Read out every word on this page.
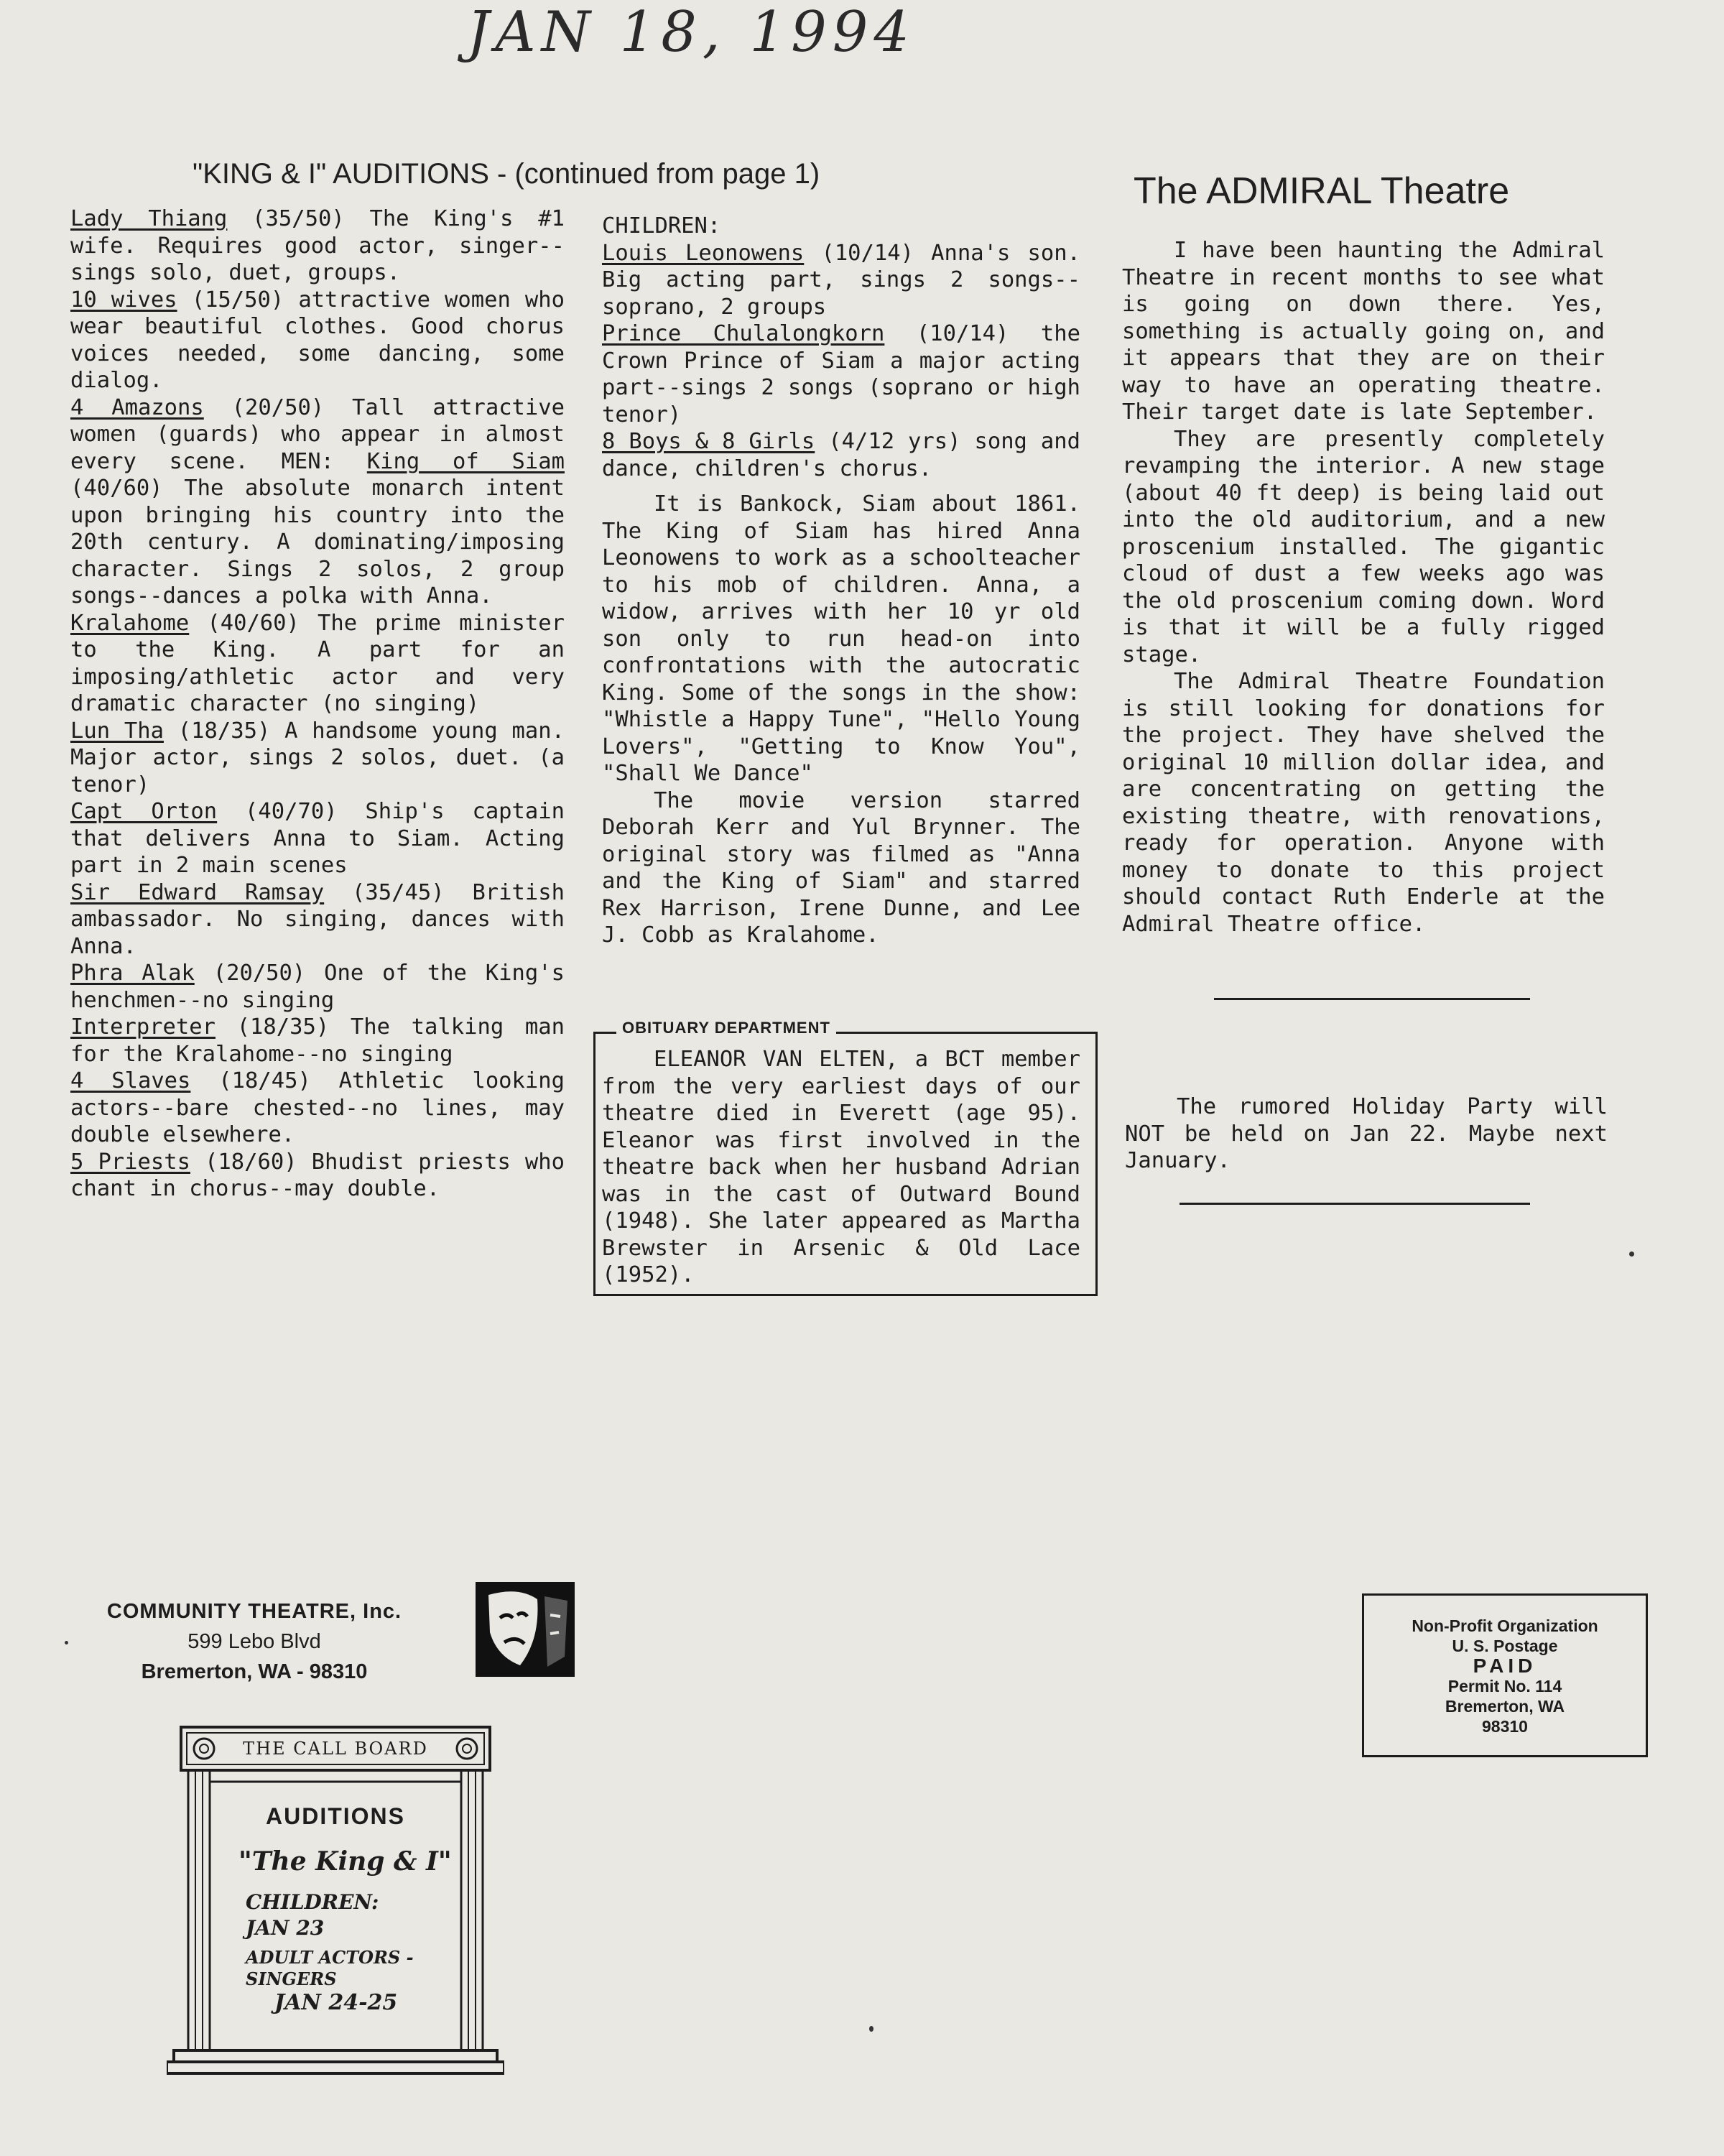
JAN 18, 1994
"KING & I" AUDITIONS - (continued from page 1)

Lady Thiang (35/50) The King's #1 wife. Requires good actor, singer--sings solo, duet, groups.

10 wives (15/50) attractive women who wear beautiful clothes. Good chorus voices needed, some dancing, some dialog.

4 Amazons (20/50) Tall attractive women (guards) who appear in almost every scene. MEN: King of Siam (40/60) The absolute monarch intent upon bringing his country into the 20th century. A dominating/imposing character. Sings 2 solos, 2 group songs--dances a polka with Anna.

Kralahome (40/60) The prime minister to the King. A part for an imposing/athletic actor and very dramatic character (no singing)

Lun Tha (18/35) A handsome young man. Major actor, sings 2 solos, duet. (a tenor)

Capt Orton (40/70) Ship's captain that delivers Anna to Siam. Acting part in 2 main scenes

Sir Edward Ramsay (35/45) British ambassador. No singing, dances with Anna.

Phra Alak (20/50) One of the King's henchmen--no singing

Interpreter (18/35) The talking man for the Kralahome--no singing

4 Slaves (18/45) Athletic looking actors--bare chested--no lines, may double elsewhere.

5 Priests (18/60) Bhudist priests who chant in chorus--may double.

CHILDREN:

Louis Leonowens (10/14) Anna's son. Big acting part, sings 2 songs--soprano, 2 groups

Prince Chulalongkorn (10/14) the Crown Prince of Siam a major acting part--sings 2 songs (soprano or high tenor)

8 Boys & 8 Girls (4/12 yrs) song and dance, children's chorus.

It is Bankock, Siam about 1861. The King of Siam has hired Anna Leonowens to work as a schoolteacher to his mob of children. Anna, a widow, arrives with her 10 yr old son only to run head-on into confrontations with the autocratic King. Some of the songs in the show: "Whistle a Happy Tune", "Hello Young Lovers", "Getting to Know You", "Shall We Dance"

The movie version starred Deborah Kerr and Yul Brynner. The original story was filmed as "Anna and the King of Siam" and starred Rex Harrison, Irene Dunne, and Lee J. Cobb as Kralahome.

OBITUARY DEPARTMENT

ELEANOR VAN ELTEN, a BCT member from the very earliest days of our theatre died in Everett (age 95). Eleanor was first involved in the theatre back when her husband Adrian was in the cast of Outward Bound (1948). She later appeared as Martha Brewster in Arsenic & Old Lace (1952).

The ADMIRAL Theatre

I have been haunting the Admiral Theatre in recent months to see what is going on down there. Yes, something is actually going on, and it appears that they are on their way to have an operating theatre. Their target date is late September.

They are presently completely revamping the interior. A new stage (about 40 ft deep) is being laid out into the old auditorium, and a new proscenium installed. The gigantic cloud of dust a few weeks ago was the old proscenium coming down. Word is that it will be a fully rigged stage.

The Admiral Theatre Foundation is still looking for donations for the project. They have shelved the original 10 million dollar idea, and are concentrating on getting the existing theatre, with renovations, ready for operation. Anyone with money to donate to this project should contact Ruth Enderle at the Admiral Theatre office.

The rumored Holiday Party will NOT be held on Jan 22. Maybe next January.

COMMUNITY THEATRE, Inc.
599 Lebo Blvd
Bremerton, WA - 98310
Non-Profit Organization
U. S. Postage
PAID
Permit No. 114
Bremerton, WA
98310
THE CALL BOARD
AUDITIONS
"The King & I"
CHILDREN: JAN 23
ADULT ACTORS - SINGERS
JAN 24-25
